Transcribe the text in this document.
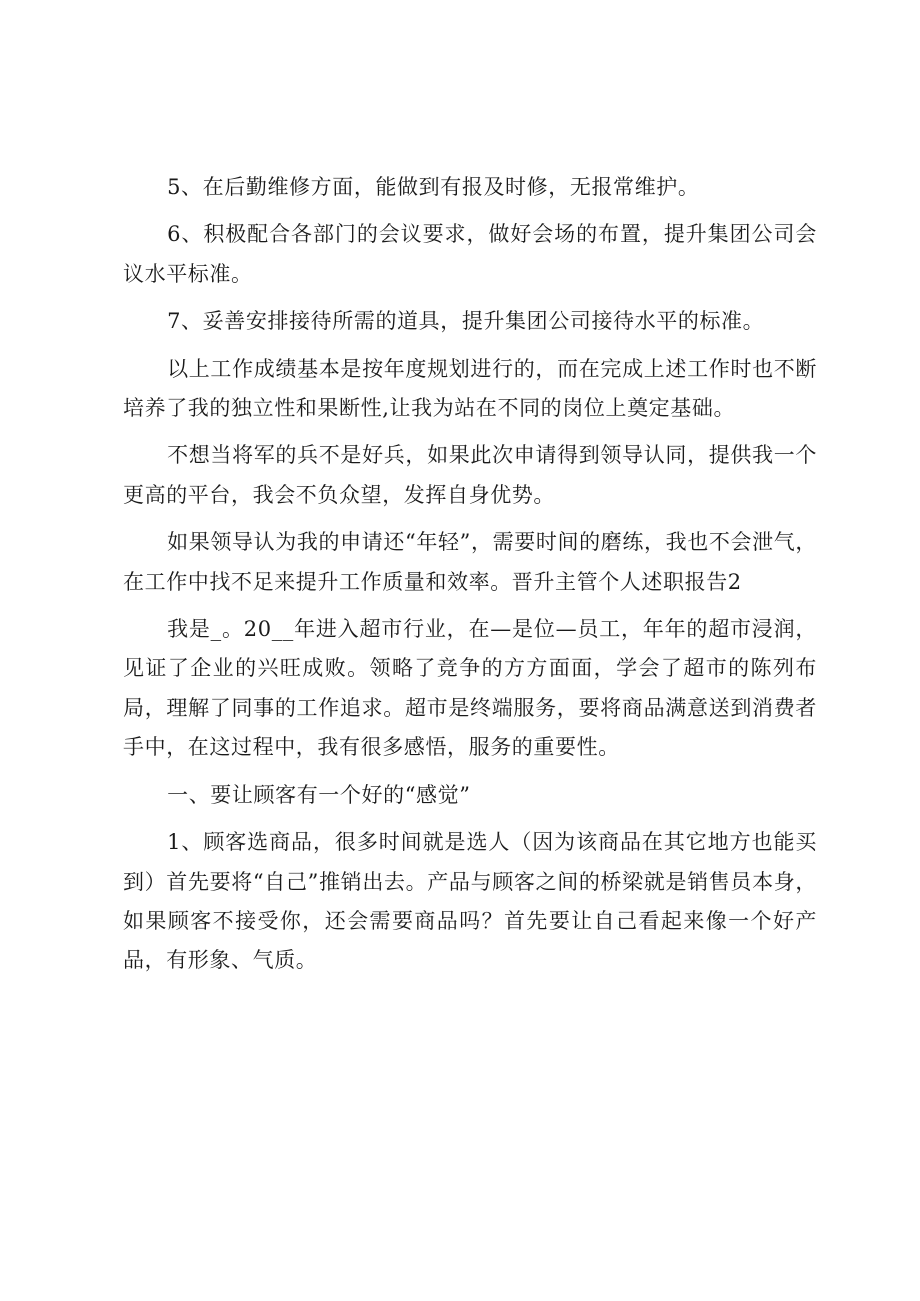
5、在后勤维修方面，能做到有报及时修，无报常维护。

6、积极配合各部门的会议要求，做好会场的布置，提升集团公司会议水平标准。

7、妥善安排接待所需的道具，提升集团公司接待水平的标准。

以上工作成绩基本是按年度规划进行的，而在完成上述工作时也不断培养了我的独立性和果断性,让我为站在不同的岗位上奠定基础。

不想当将军的兵不是好兵，如果此次申请得到领导认同，提供我一个更高的平台，我会不负众望，发挥自身优势。

如果领导认为我的申请还“年轻”，需要时间的磨练，我也不会泄气，在工作中找不足来提升工作质量和效率。晋升主管个人述职报告2

我是_。20__年进入超市行业，在—是位—员工，年年的超市浸润，见证了企业的兴旺成败。领略了竞争的方方面面，学会了超市的陈列布局，理解了同事的工作追求。超市是终端服务，要将商品满意送到消费者手中，在这过程中，我有很多感悟，服务的重要性。

一、要让顾客有一个好的“感觉”

1、顾客选商品，很多时间就是选人（因为该商品在其它地方也能买到）首先要将“自己”推销出去。产品与顾客之间的桥梁就是销售员本身，如果顾客不接受你，还会需要商品吗？首先要让自己看起来像一个好产品，有形象、气质。
